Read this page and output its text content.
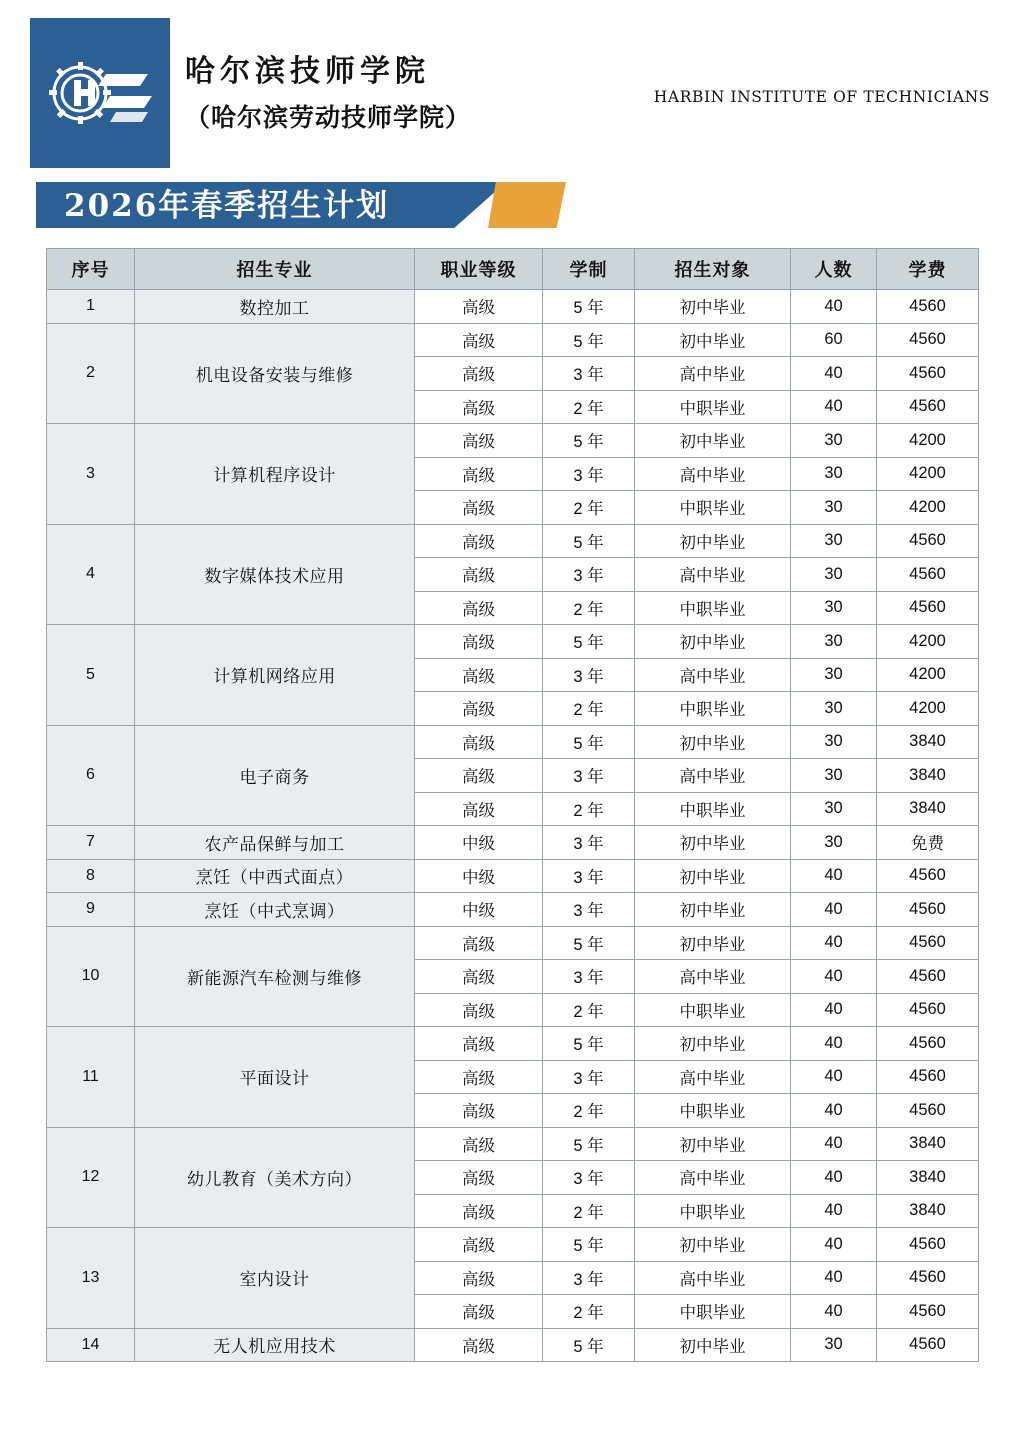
哈尔滨技师学院
（哈尔滨劳动技师学院）
HARBIN INSTITUTE OF TECHNICIANS
2026年春季招生计划
序号	招生专业	职业等级	学制	招生对象	人数	学费
1	数控加工	高级	5 年	初中毕业	40	4560
2	机电设备安装与维修	高级	5 年	初中毕业	60	4560
		高级	3 年	高中毕业	40	4560
		高级	2 年	中职毕业	40	4560
3	计算机程序设计	高级	5 年	初中毕业	30	4200
		高级	3 年	高中毕业	30	4200
		高级	2 年	中职毕业	30	4200
4	数字媒体技术应用	高级	5 年	初中毕业	30	4560
		高级	3 年	高中毕业	30	4560
		高级	2 年	中职毕业	30	4560
5	计算机网络应用	高级	5 年	初中毕业	30	4200
		高级	3 年	高中毕业	30	4200
		高级	2 年	中职毕业	30	4200
6	电子商务	高级	5 年	初中毕业	30	3840
		高级	3 年	高中毕业	30	3840
		高级	2 年	中职毕业	30	3840
7	农产品保鲜与加工	中级	3 年	初中毕业	30	免费
8	烹饪（中西式面点）	中级	3 年	初中毕业	40	4560
9	烹饪（中式烹调）	中级	3 年	初中毕业	40	4560
10	新能源汽车检测与维修	高级	5 年	初中毕业	40	4560
		高级	3 年	高中毕业	40	4560
		高级	2 年	中职毕业	40	4560
11	平面设计	高级	5 年	初中毕业	40	4560
		高级	3 年	高中毕业	40	4560
		高级	2 年	中职毕业	40	4560
12	幼儿教育（美术方向）	高级	5 年	初中毕业	40	3840
		高级	3 年	高中毕业	40	3840
		高级	2 年	中职毕业	40	3840
13	室内设计	高级	5 年	初中毕业	40	4560
		高级	3 年	高中毕业	40	4560
		高级	2 年	中职毕业	40	4560
14	无人机应用技术	高级	5 年	初中毕业	30	4560
